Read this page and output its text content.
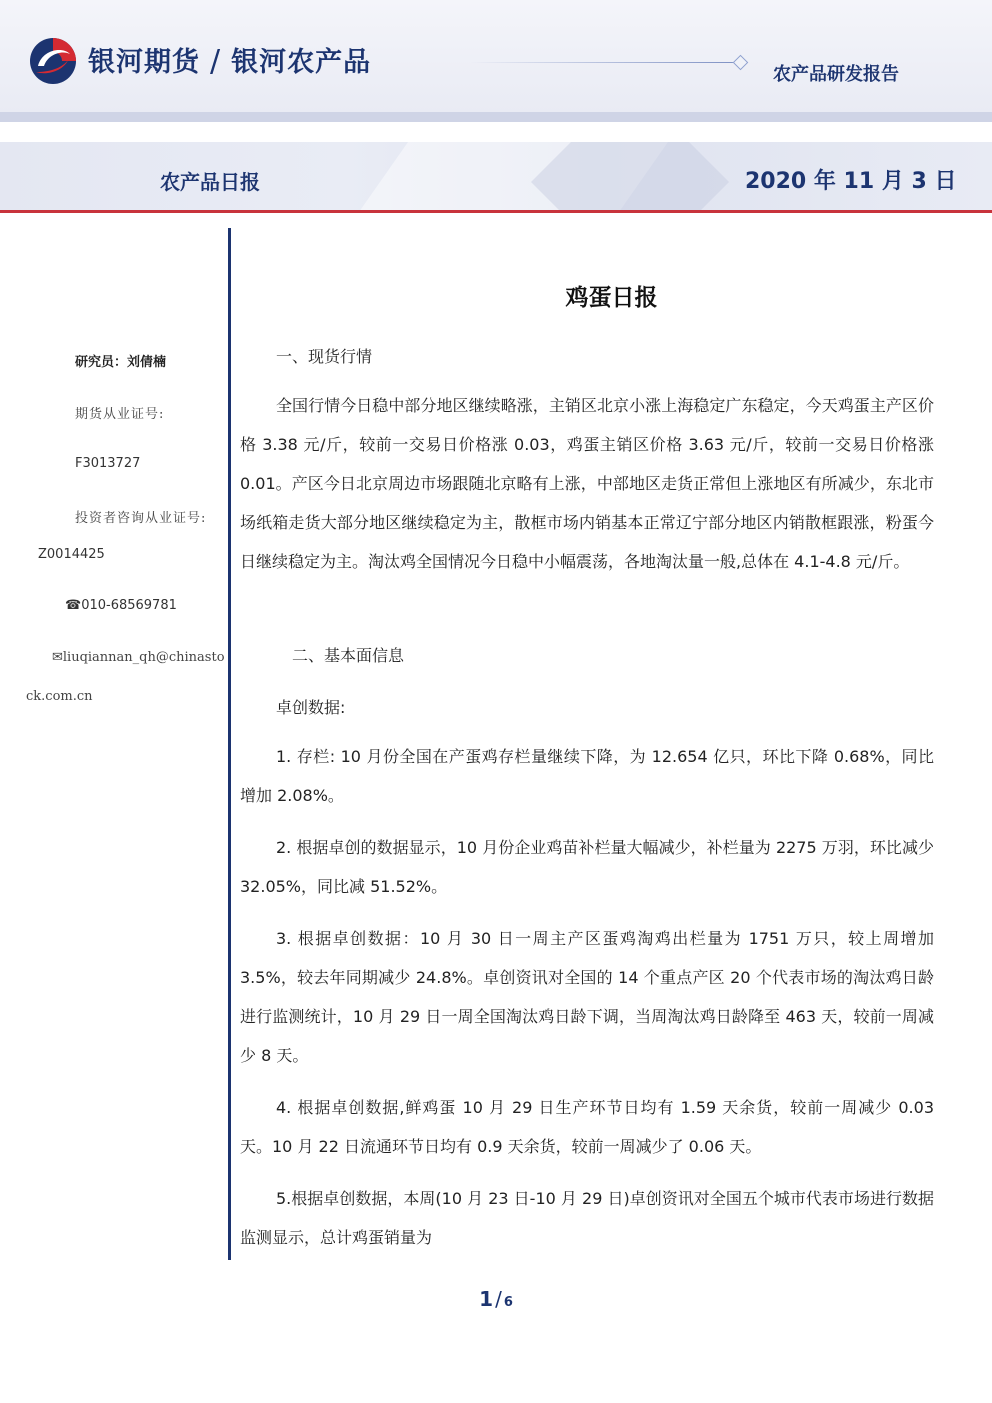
银河期货 / 银河农产品	农产品研发报告
农产品日报	2020 年 11 月 3 日
研究员：刘倩楠
期货从业证号:
F3013727
投资者咨询从业证号:
Z0014425
☎010-68569781
✉liuqiannan_qh@chinasto
ck.com.cn
鸡蛋日报
一、现货行情
全国行情今日稳中部分地区继续略涨，主销区北京小涨上海稳定广东稳定，今天鸡蛋主产区价格 3.38 元/斤，较前一交易日价格涨 0.03，鸡蛋主销区价格 3.63 元/斤，较前一交易日价格涨 0.01。产区今日北京周边市场跟随北京略有上涨，中部地区走货正常但上涨地区有所减少，东北市场纸箱走货大部分地区继续稳定为主，散框市场内销基本正常辽宁部分地区内销散框跟涨，粉蛋今日继续稳定为主。淘汰鸡全国情况今日稳中小幅震荡，各地淘汰量一般,总体在 4.1-4.8 元/斤。
二、基本面信息
卓创数据:
1. 存栏: 10 月份全国在产蛋鸡存栏量继续下降，为 12.654 亿只，环比下降 0.68%，同比增加 2.08%。
2. 根据卓创的数据显示，10 月份企业鸡苗补栏量大幅减少，补栏量为 2275 万羽，环比减少 32.05%，同比减 51.52%。
3. 根据卓创数据：10 月 30 日一周主产区蛋鸡淘鸡出栏量为 1751 万只，较上周增加 3.5%，较去年同期减少 24.8%。卓创资讯对全国的 14 个重点产区 20 个代表市场的淘汰鸡日龄进行监测统计，10 月 29 日一周全国淘汰鸡日龄下调，当周淘汰鸡日龄降至 463 天，较前一周减少 8 天。
4. 根据卓创数据,鲜鸡蛋 10 月 29 日生产环节日均有 1.59 天余货，较前一周减少 0.03 天。10 月 22 日流通环节日均有 0.9 天余货，较前一周减少了 0.06 天。
5.根据卓创数据，本周(10 月 23 日-10 月 29 日)卓创资讯对全国五个城市代表市场进行数据监测显示，总计鸡蛋销量为
1 / 6
